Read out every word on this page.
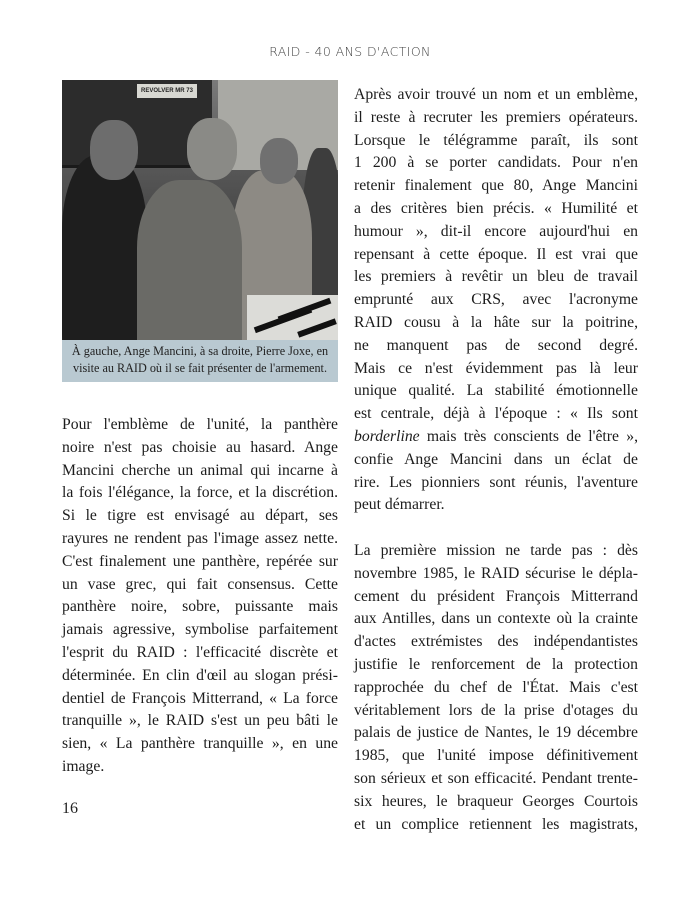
RAID - 40 ANS D'ACTION
REVOLVER MR 73
À gauche, Ange Mancini, à sa droite, Pierre Joxe, en
visite au RAID où il se fait présenter de l'armement.

Pour l'emblème de l'unité, la panthère
noire n'est pas choisie au hasard. Ange
Mancini cherche un animal qui incarne à
la fois l'élégance, la force, et la discrétion.
Si le tigre est envisagé au départ, ses
rayures ne rendent pas l'image assez nette.
C'est finalement une panthère, repérée sur
un vase grec, qui fait consensus. Cette
panthère noire, sobre, puissante mais
jamais agressive, symbolise parfaitement
l'esprit du RAID : l'efficacité discrète et
déterminée. En clin d'œil au slogan prési-
dentiel de François Mitterrand, « La force
tranquille », le RAID s'est un peu bâti le
sien, « La panthère tranquille », en une
image.

Après avoir trouvé un nom et un emblème,
il reste à recruter les premiers opérateurs.
Lorsque le télégramme paraît, ils sont
1 200 à se porter candidats. Pour n'en
retenir finalement que 80, Ange Mancini
a des critères bien précis. « Humilité et
humour », dit-il encore aujourd'hui en
repensant à cette époque. Il est vrai que
les premiers à revêtir un bleu de travail
emprunté aux CRS, avec l'acronyme
RAID cousu à la hâte sur la poitrine,
ne manquent pas de second degré.
Mais ce n'est évidemment pas là leur
unique qualité. La stabilité émotionnelle
est centrale, déjà à l'époque : « Ils sont
borderline mais très conscients de l'être »,
confie Ange Mancini dans un éclat de
rire. Les pionniers sont réunis, l'aventure
peut démarrer.

La première mission ne tarde pas : dès
novembre 1985, le RAID sécurise le dépla-
cement du président François Mitterrand
aux Antilles, dans un contexte où la crainte
d'actes extrémistes des indépendantistes
justifie le renforcement de la protection
rapprochée du chef de l'État. Mais c'est
véritablement lors de la prise d'otages du
palais de justice de Nantes, le 19 décembre
1985, que l'unité impose définitivement
son sérieux et son efficacité. Pendant trente-
six heures, le braqueur Georges Courtois
et un complice retiennent les magistrats,

16
